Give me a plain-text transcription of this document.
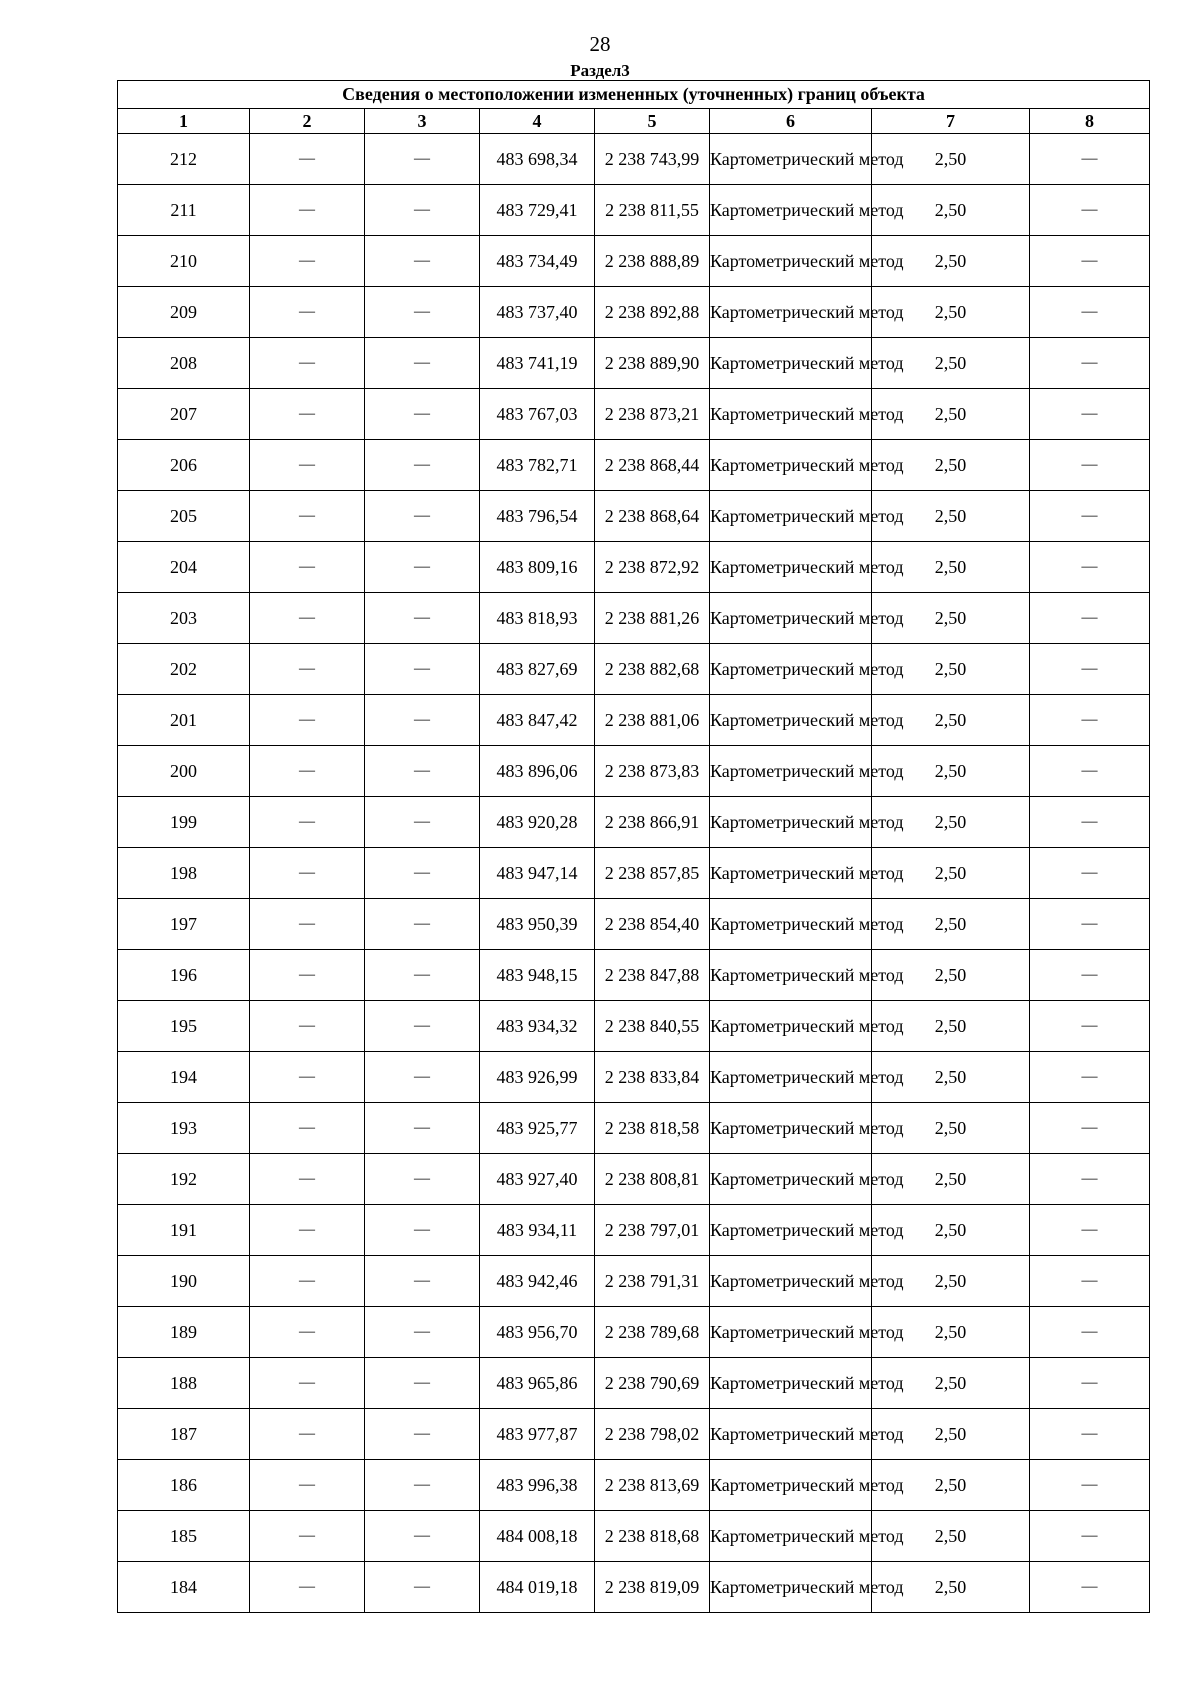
28
Раздел3
Сведения о местоположении измененных (уточненных) границ объекта							
1	2	3	4	5	6	7	8
212	—	—	483 698,34	2 238 743,99	Картометрический метод	2,50	—
211	—	—	483 729,41	2 238 811,55	Картометрический метод	2,50	—
210	—	—	483 734,49	2 238 888,89	Картометрический метод	2,50	—
209	—	—	483 737,40	2 238 892,88	Картометрический метод	2,50	—
208	—	—	483 741,19	2 238 889,90	Картометрический метод	2,50	—
207	—	—	483 767,03	2 238 873,21	Картометрический метод	2,50	—
206	—	—	483 782,71	2 238 868,44	Картометрический метод	2,50	—
205	—	—	483 796,54	2 238 868,64	Картометрический метод	2,50	—
204	—	—	483 809,16	2 238 872,92	Картометрический метод	2,50	—
203	—	—	483 818,93	2 238 881,26	Картометрический метод	2,50	—
202	—	—	483 827,69	2 238 882,68	Картометрический метод	2,50	—
201	—	—	483 847,42	2 238 881,06	Картометрический метод	2,50	—
200	—	—	483 896,06	2 238 873,83	Картометрический метод	2,50	—
199	—	—	483 920,28	2 238 866,91	Картометрический метод	2,50	—
198	—	—	483 947,14	2 238 857,85	Картометрический метод	2,50	—
197	—	—	483 950,39	2 238 854,40	Картометрический метод	2,50	—
196	—	—	483 948,15	2 238 847,88	Картометрический метод	2,50	—
195	—	—	483 934,32	2 238 840,55	Картометрический метод	2,50	—
194	—	—	483 926,99	2 238 833,84	Картометрический метод	2,50	—
193	—	—	483 925,77	2 238 818,58	Картометрический метод	2,50	—
192	—	—	483 927,40	2 238 808,81	Картометрический метод	2,50	—
191	—	—	483 934,11	2 238 797,01	Картометрический метод	2,50	—
190	—	—	483 942,46	2 238 791,31	Картометрический метод	2,50	—
189	—	—	483 956,70	2 238 789,68	Картометрический метод	2,50	—
188	—	—	483 965,86	2 238 790,69	Картометрический метод	2,50	—
187	—	—	483 977,87	2 238 798,02	Картометрический метод	2,50	—
186	—	—	483 996,38	2 238 813,69	Картометрический метод	2,50	—
185	—	—	484 008,18	2 238 818,68	Картометрический метод	2,50	—
184	—	—	484 019,18	2 238 819,09	Картометрический метод	2,50	—
